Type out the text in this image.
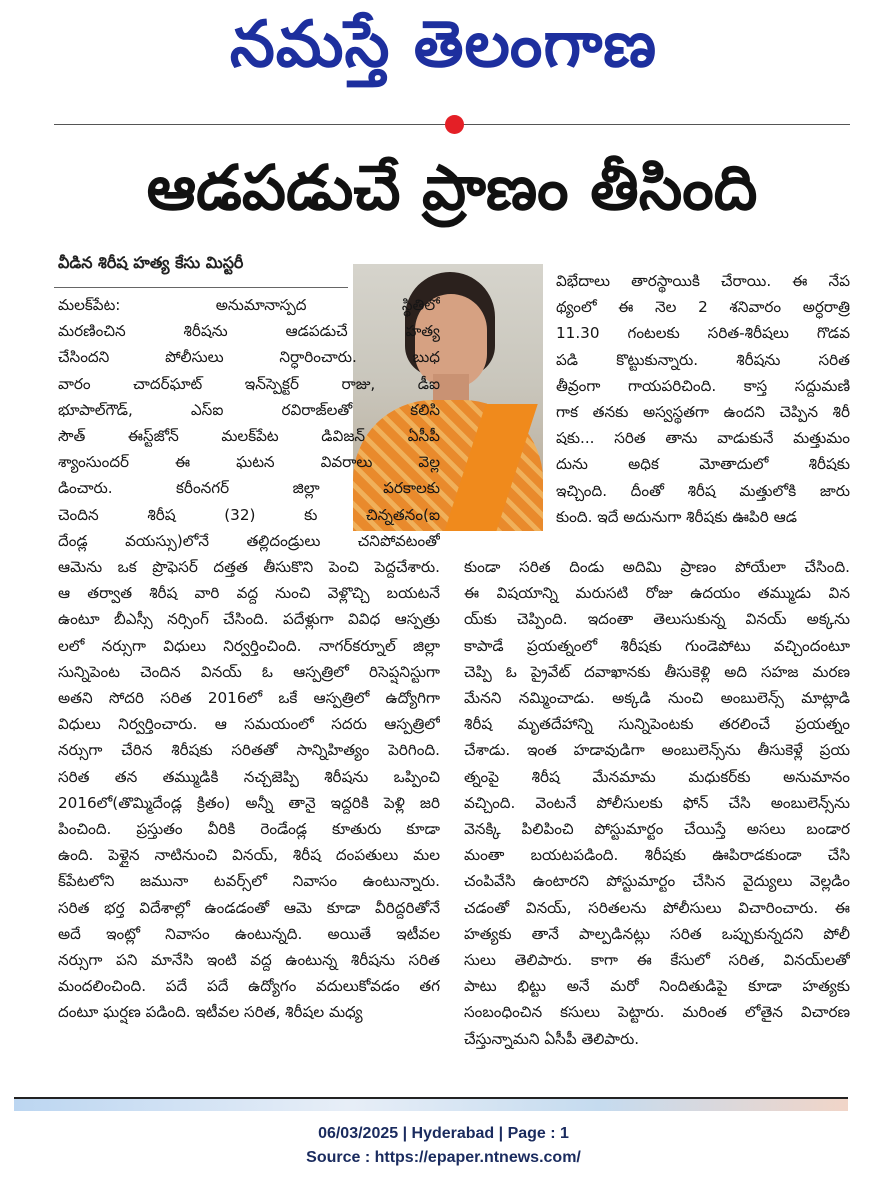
నమస్తే తెలంగాణ
ఆడపడుచే ప్రాణం తీసింది
వీడిన శిరీష హత్య కేసు మిస్టరీ
మలక్‌పేట: అనుమానాస్పద స్థితిలో
మరణించిన శిరీషను ఆడపడుచే హత్య
చేసిందని పోలీసులు నిర్ధారించారు. బుధ
వారం చాదర్‌ఘాట్ ఇన్‌స్పెక్టర్ రాజు, డీఐ
భూపాల్‌గౌడ్, ఎస్‌ఐ రవిరాజ్‌లతో కలిసి
సౌత్ ఈస్ట్‌జోన్ మలక్‌పేట డివిజన్ ఏసీపీ
శ్యాంసుందర్ ఈ ఘటన వివరాలు వెల్ల
డించారు. కరీంనగర్ జిల్లా పరకాలకు
చెందిన శిరీష (32) కు చిన్నతనం(ఐ
దేండ్ల వయస్సు)లోనే తల్లిదండ్రులు చనిపోవటంతో
ఆమెను ఒక ప్రొఫెసర్ దత్తత తీసుకొని పెంచి పెద్దచేశారు.
ఆ తర్వాత శిరీష వారి వద్ద నుంచి వెళ్లొచ్చి బయటనే
ఉంటూ బీఎస్సీ నర్సింగ్ చేసింది. పదేళ్లుగా వివిధ ఆస్పత్రు
లలో నర్సుగా విధులు నిర్వర్తించింది. నాగర్‌కర్నూల్ జిల్లా
సున్నిపెంట చెందిన వినయ్ ఓ ఆస్పత్రిలో రిసెప్షనిస్టుగా
అతని సోదరి సరిత 2016లో ఒకే ఆస్పత్రిలో ఉద్యోగిగా
విధులు నిర్వర్తించారు. ఆ సమయంలో సదరు ఆస్పత్రిలో
నర్సుగా చేరిన శిరీషకు సరితతో సాన్నిహిత్యం పెరిగింది.
సరిత తన తమ్ముడికి నచ్చజెప్పి శిరీషను ఒప్పించి
2016లో(తొమ్మిదేండ్ల క్రితం) అన్నీ తానై ఇద్దరికి పెళ్లి జరి
పించింది. ప్రస్తుతం వీరికి రెండేండ్ల కూతురు కూడా
ఉంది. పెళ్లైన నాటినుంచి వినయ్, శిరీష దంపతులు మల
క్‌పేటలోని జమునా టవర్స్‌లో నివాసం ఉంటున్నారు.
సరిత భర్త విదేశాల్లో ఉండడంతో ఆమె కూడా వీరిద్దరితోనే
అదే ఇంట్లో నివాసం ఉంటున్నది. అయితే ఇటీవల
నర్సుగా పని మానేసి ఇంటి వద్ద ఉంటున్న శిరీషను సరిత
మందలించింది. పదే పదే ఉద్యోగం వదులుకోవడం తగ
దంటూ ఘర్షణ పడింది. ఇటీవల సరిత, శిరీషల మధ్య
విభేదాలు తారస్థాయికి చేరాయి. ఈ నేప
థ్యంలో ఈ నెల 2 శనివారం అర్ధరాత్రి
11.30 గంటలకు సరిత-శిరీషలు గొడవ
పడి కొట్టుకున్నారు. శిరీషను సరిత
తీవ్రంగా గాయపరిచింది. కాస్త సద్దుమణి
గాక తనకు అస్వస్థతగా ఉందని చెప్పిన శిరీ
షకు... సరిత తాను వాడుకునే మత్తుమం
దును అధిక మోతాదులో శిరీషకు
ఇచ్చింది. దీంతో శిరీష మత్తులోకి జారు
కుంది. ఇదే అదునుగా శిరీషకు ఊపిరి ఆడ
కుండా సరిత దిండు అదిమి ప్రాణం పోయేలా చేసింది.
ఈ విషయాన్ని మరుసటి రోజు ఉదయం తమ్ముడు విన
య్‌కు చెప్పింది. ఇదంతా తెలుసుకున్న వినయ్ అక్కను
కాపాడే ప్రయత్నంలో శిరీషకు గుండెపోటు వచ్చిందంటూ
చెప్పి ఓ ప్రైవేట్ దవాఖానకు తీసుకెళ్లి అది సహజ మరణ
మేనని నమ్మించాడు. అక్కడి నుంచి అంబులెన్స్ మాట్లాడి
శిరీష మృతదేహాన్ని సున్నిపెంటకు తరలించే ప్రయత్నం
చేశాడు. ఇంత హడావుడిగా అంబులెన్స్‌ను తీసుకెళ్లే ప్రయ
త్నంపై శిరీష మేనమామ మధుకర్‌కు అనుమానం
వచ్చింది. వెంటనే పోలీసులకు ఫోన్ చేసి అంబులెన్స్‌ను
వెనక్కి పిలిపించి పోస్టుమార్టం చేయిస్తే అసలు బండార
మంతా బయటపడింది. శిరీషకు ఊపిరాడకుండా చేసి
చంపివేసి ఉంటారని పోస్టుమార్టం చేసిన వైద్యులు వెల్లడిం
చడంతో వినయ్, సరితలను పోలీసులు విచారించారు. ఈ
హత్యకు తానే పాల్పడినట్లు సరిత ఒప్పుకున్నదని పోలీ
సులు తెలిపారు. కాగా ఈ కేసులో సరిత, వినయ్‌లతో
పాటు భిట్టు అనే మరో నిందితుడిపై కూడా హత్యకు
సంబంధించిన కసులు పెట్టారు. మరింత లోతైన విచారణ
చేస్తున్నామని ఏసీపీ తెలిపారు.
06/03/2025 | Hyderabad | Page : 1
Source : https://epaper.ntnews.com/
